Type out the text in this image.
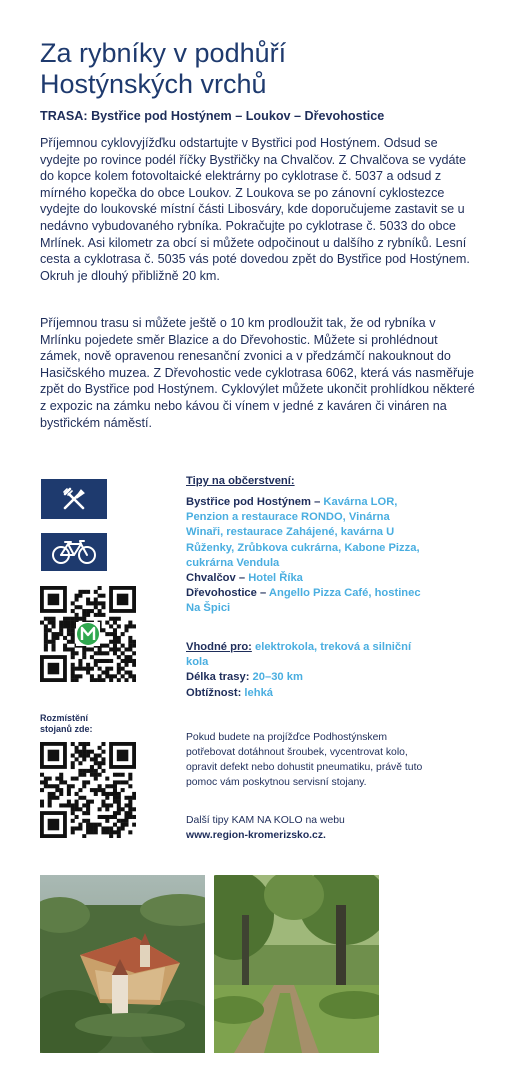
Za rybníky v podhůří
Hostýnských vrchů
TRASA: Bystřice pod Hostýnem – Loukov – Dřevohostice

Příjemnou cyklovyjížďku odstartujte v Bystřici pod Hostýnem. Odsud se vydejte po rovince podél říčky Bystřičky na Chvalčov. Z Chvalčova se vydáte do kopce kolem fotovoltaické elektrárny po cyklotrase č. 5037 a odsud z mírného kopečka do obce Loukov. Z Loukova se po zánovní cyklostezce vydejte do loukovské místní části Libosváry, kde doporučujeme zastavit se u nedávno vybudovaného rybníka. Pokračujte po cyklotrase č. 5033 do obce Mrlínek. Asi kilometr za obcí si můžete odpočinout u dalšího z rybníků. Lesní cesta a cyklotrasa č. 5035 vás poté dovedou zpět do Bystřice pod Hostýnem. Okruh je dlouhý přibližně 20 km.

Příjemnou trasu si můžete ještě o 10 km prodloužit tak, že od rybníka v Mrlínku pojedete směr Blazice a do Dřevohostic. Můžete si prohlédnout zámek, nově opravenou renesanční zvonici a v předzámčí nakouknout do Hasičského muzea. Z Dřevohostic vede cyklotrasa 6062, která vás nasměřuje zpět do Bystřice pod Hostýnem. Cyklovýlet můžete ukončit prohlídkou některé z expozic na zámku nebo kávou či vínem v jedné z kaváren či vináren na bystřickém náměstí.

Rozmístění
stojanů zde:
Tipy na občerstvení:
Bystřice pod Hostýnem – Kavárna LOR, Penzion a restaurace RONDO, Vinárna Winaři, restaurace Zahájené, kavárna U Růženky, Zrůbkova cukrárna, Kabone Pizza, cukrárna Vendula
Chvalčov – Hotel Říka
Dřevohostice – Angello Pizza Café, hostinec Na Špici
Vhodné pro: elektrokola, treková a silniční kola
Délka trasy: 20–30 km
Obtížnost: lehká

Pokud budete na projížďce Podhostýnskem potřebovat dotáhnout šroubek, vycentrovat kolo, opravit defekt nebo dohustit pneumatiku, právě tuto pomoc vám poskytnou servisní stojany.

Další tipy KAM NA KOLO na webu
www.region-kromerizsko.cz.
